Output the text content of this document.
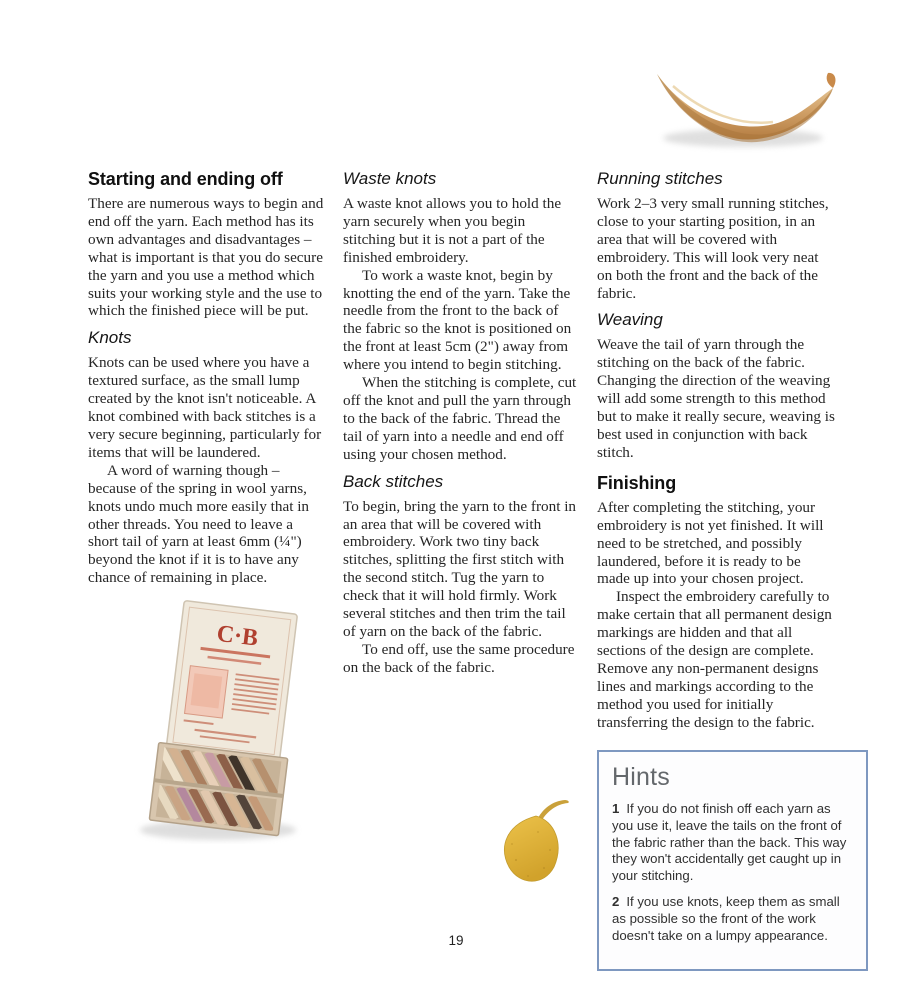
Starting and ending off

There are numerous ways to begin and end off the yarn. Each method has its own advantages and disadvantages – what is important is that you do secure the yarn and you use a method which suits your working style and the use to which the finished piece will be put.

Knots

Knots can be used where you have a textured surface, as the small lump created by the knot isn't noticeable. A knot combined with back stitches is a very secure beginning, particularly for items that will be laundered.

A word of warning though – because of the spring in wool yarns, knots undo much more easily that in other threads. You need to leave a short tail of yarn at least 6mm (¼") beyond the knot if it is to have any chance of remaining in place.

C·B
Waste knots

A waste knot allows you to hold the yarn securely when you begin stitching but it is not a part of the finished embroidery.

To work a waste knot, begin by knotting the end of the yarn. Take the needle from the front to the back of the fabric so the knot is positioned on the front at least 5cm (2") away from where you intend to begin stitching.

When the stitching is complete, cut off the knot and pull the yarn through to the back of the fabric. Thread the tail of yarn into a needle and end off using your chosen method.

Back stitches

To begin, bring the yarn to the front in an area that will be covered with embroidery. Work two tiny back stitches, splitting the first stitch with the second stitch. Tug the yarn to check that it will hold firmly. Work several stitches and then trim the tail of yarn on the back of the fabric.

To end off, use the same procedure on the back of the fabric.

Running stitches

Work 2–3 very small running stitches, close to your starting position, in an area that will be covered with embroidery. This will look very neat on both the front and the back of the fabric.

Weaving

Weave the tail of yarn through the stitching on the back of the fabric. Changing the direction of the weaving will add some strength to this method but to make it really secure, weaving is best used in conjunction with back stitch.

Finishing

After completing the stitching, your embroidery is not yet finished. It will need to be stretched, and possibly laundered, before it is ready to be made up into your chosen project.

Inspect the embroidery carefully to make certain that all permanent design markings are hidden and that all sections of the design are complete. Remove any non-permanent designs lines and markings according to the method you used for initially transferring the design to the fabric.

Hints

1 If you do not finish off each yarn as you use it, leave the tails on the front of the fabric rather than the back. This way they won't accidentally get caught up in your stitching.

2 If you use knots, keep them as small as possible so the front of the work doesn't take on a lumpy appearance.

19
